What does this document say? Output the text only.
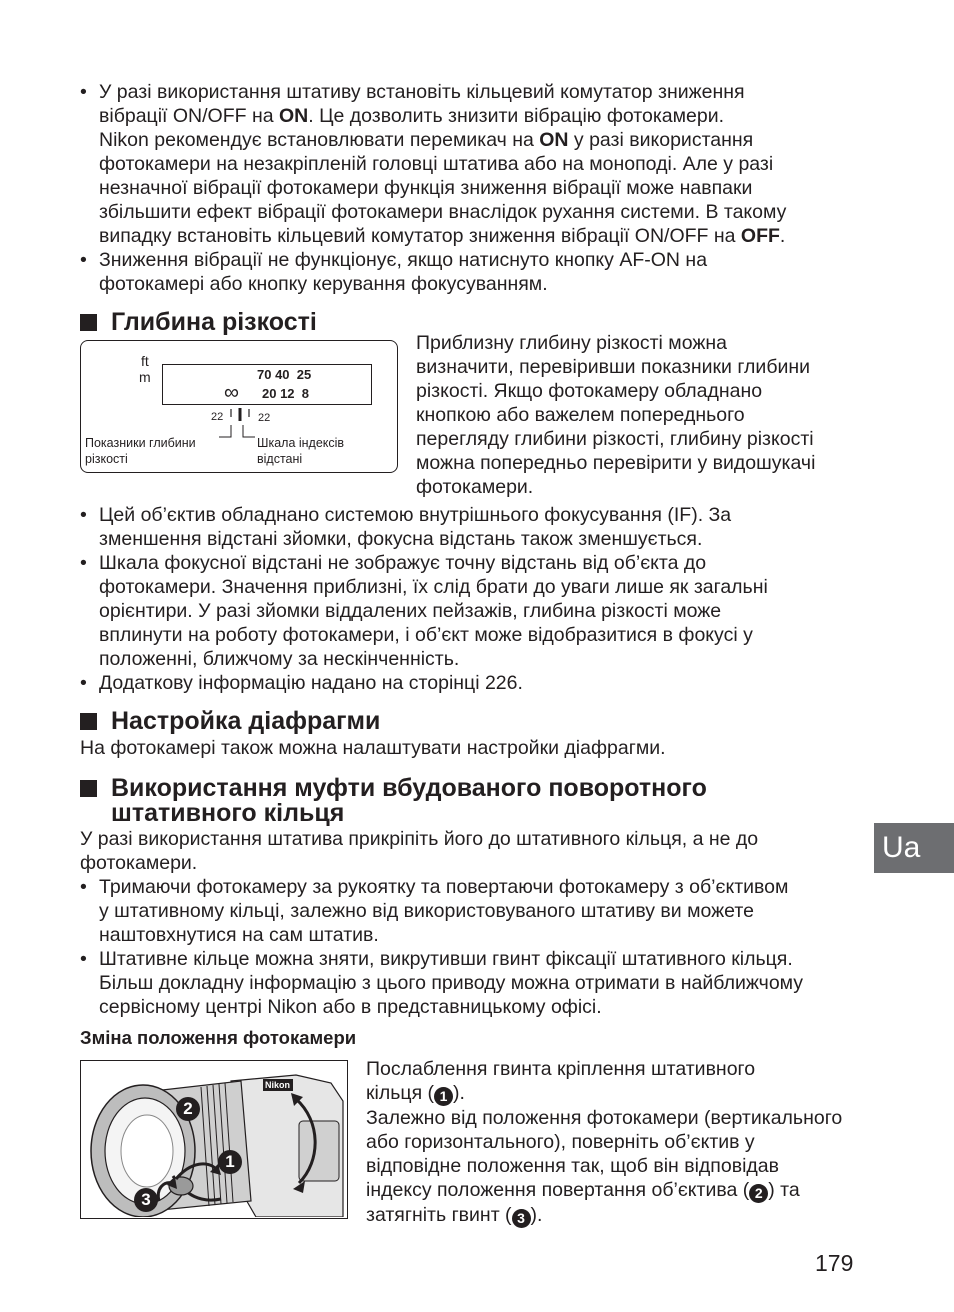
• У разі використання штативу встановіть кільцевий комутатор зниження
вібрації ON/OFF на ON. Це дозволить знизити вібрацію фотокамери.
Nikon рекомендує встановлювати перемикач на ON у разі використання
фотокамери на незакріпленій головці штатива або на моноподі. Але у разі
незначної вібрації фотокамери функція зниження вібрації може навпаки
збільшити ефект вібрації фотокамери внаслідок рухання системи. В такому
випадку встановіть кільцевий комутатор зниження вібрації ON/OFF на OFF.
• Зниження вібрації не функціонує, якщо натиснуто кнопку AF-ON на
фотокамері або кнопку керування фокусуванням.
Глибина різкості
ft
m	70 40  25
∞ 20 12  8
22	22
Показники глибини
різкості
Шкала індексів
відстані
Приблизну глибину різкості можна
визначити, перевіривши показники глибини
різкості. Якщо фотокамеру обладнано
кнопкою або важелем попереднього
перегляду глибини різкості, глибину різкості
можна попередньо перевірити у видошукачі
фотокамери.
• Цей об’єктив обладнано системою внутрішнього фокусування (IF). За
зменшення відстані зйомки, фокусна відстань також зменшується.
• Шкала фокусної відстані не зображує точну відстань від об’єкта до
фотокамери. Значення приблизні, їх слід брати до уваги лише як загальні
орієнтири. У разі зйомки віддалених пейзажів, глибина різкості може
вплинути на роботу фотокамери, і об’єкт може відобразитися в фокусі у
положенні, ближчому за нескінченність.
• Додаткову інформацію надано на сторінці 226.
Настройка діафрагми
На фотокамері також можна налаштувати настройки діафрагми.
Використання муфти вбудованого поворотного
штативного кільця
У разі використання штатива прикріпіть його до штативного кільця, а не до
фотокамери.
• Тримаючи фотокамеру за рукоятку та повертаючи фотокамеру з об’єктивом
у штативному кільці, залежно від використовуваного штативу ви можете
наштовхнутися на сам штатив.
• Штативне кільце можна зняти, викрутивши гвинт фіксації штативного кільця.
Більш докладну інформацію з цього приводу можна отримати в найближчому
сервісному центрі Nikon або в представницькому офісі.
Зміна положення фотокамери
Nikon
1
2
3
Послаблення гвинта кріплення штативного
кільця ( 1 ).
Залежно від положення фотокамери (вертикального
або горизонтального), поверніть об’єктив у
відповідне положення так, щоб він відповідав
індексу положення повертання об’єктива ( 2 ) та
затягніть гвинт ( 3 ).
Ua
179
